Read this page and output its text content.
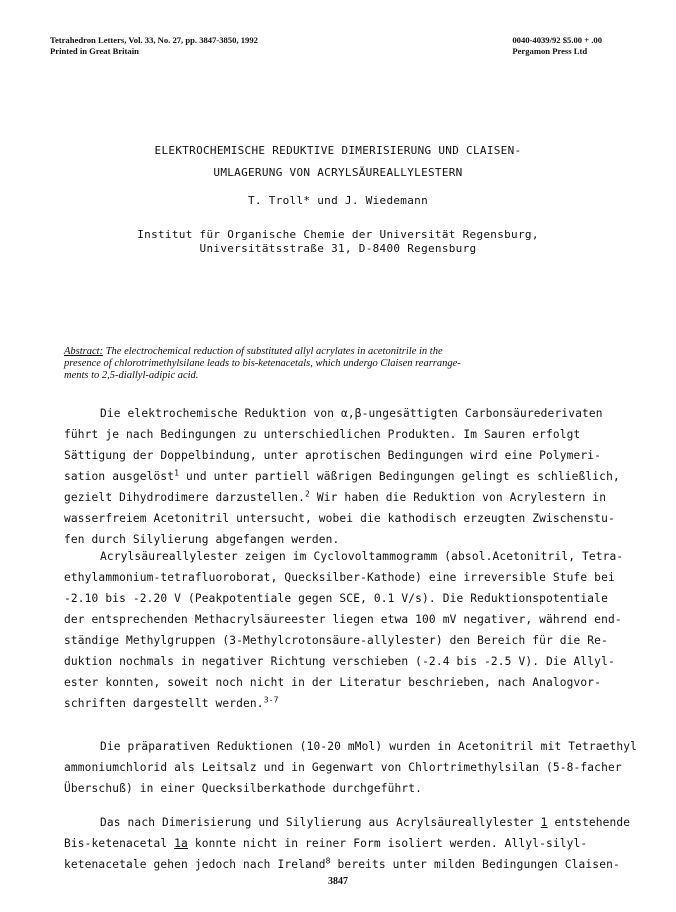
Tetrahedron Letters, Vol. 33, No. 27, pp. 3847-3850, 1992
Printed in Great Britain
0040-4039/92 $5.00 + .00
Pergamon Press Ltd
ELEKTROCHEMISCHE REDUKTIVE DIMERISIERUNG UND CLAISEN-
UMLAGERUNG VON ACRYLSÄUREALLYLESTERN
T. Troll* und J. Wiedemann
Institut für Organische Chemie der Universität Regensburg,
Universitätsstraße 31, D-8400 Regensburg
Abstract: The electrochemical reduction of substituted allyl acrylates in acetonitrile in the
presence of chlorotrimethylsilane leads to bis-ketenacetals, which undergo Claisen rearrange-
ments to 2,5-diallyl-adipic acid.
Die elektrochemische Reduktion von α,β-ungesättigten Carbonsäurederivaten
führt je nach Bedingungen zu unterschiedlichen Produkten. Im Sauren erfolgt
Sättigung der Doppelbindung, unter aprotischen Bedingungen wird eine Polymeri-
sation ausgelöst$^1$ und unter partiell wäßrigen Bedingungen gelingt es schließlich,
gezielt Dihydrodimere darzustellen.$^2$ Wir haben die Reduktion von Acrylestern in
wasserfreiem Acetonitril untersucht, wobei die kathodisch erzeugten Zwischenstu-
fen durch Silylierung abgefangen werden.
Acrylsäureallylester zeigen im Cyclovoltammogramm (absol.Acetonitril, Tetra-
ethylammonium-tetrafluoroborat, Quecksilber-Kathode) eine irreversible Stufe bei
-2.10 bis -2.20 V (Peakpotentiale gegen SCE, 0.1 V/s). Die Reduktionspotentiale
der entsprechenden Methacrylsäureester liegen etwa 100 mV negativer, während end-
ständige Methylgruppen (3-Methylcrotonsäure-allylester) den Bereich für die Re-
duktion nochmals in negativer Richtung verschieben (-2.4 bis -2.5 V). Die Allyl-
ester konnten, soweit noch nicht in der Literatur beschrieben, nach Analogvor-
schriften dargestellt werden.$^{3-7}$
Die präparativen Reduktionen (10-20 mMol) wurden in Acetonitril mit Tetraethyl
ammoniumchlorid als Leitsalz und in Gegenwart von Chlortrimethylsilan (5-8-facher
Überschuß) in einer Quecksilberkathode durchgeführt.
Das nach Dimerisierung und Silylierung aus Acrylsäureallylester 1 entstehende
Bis-ketenacetal 1a konnte nicht in reiner Form isoliert werden. Allyl-silyl-
ketenacetale gehen jedoch nach Ireland$^8$ bereits unter milden Bedingungen Claisen-
3847
